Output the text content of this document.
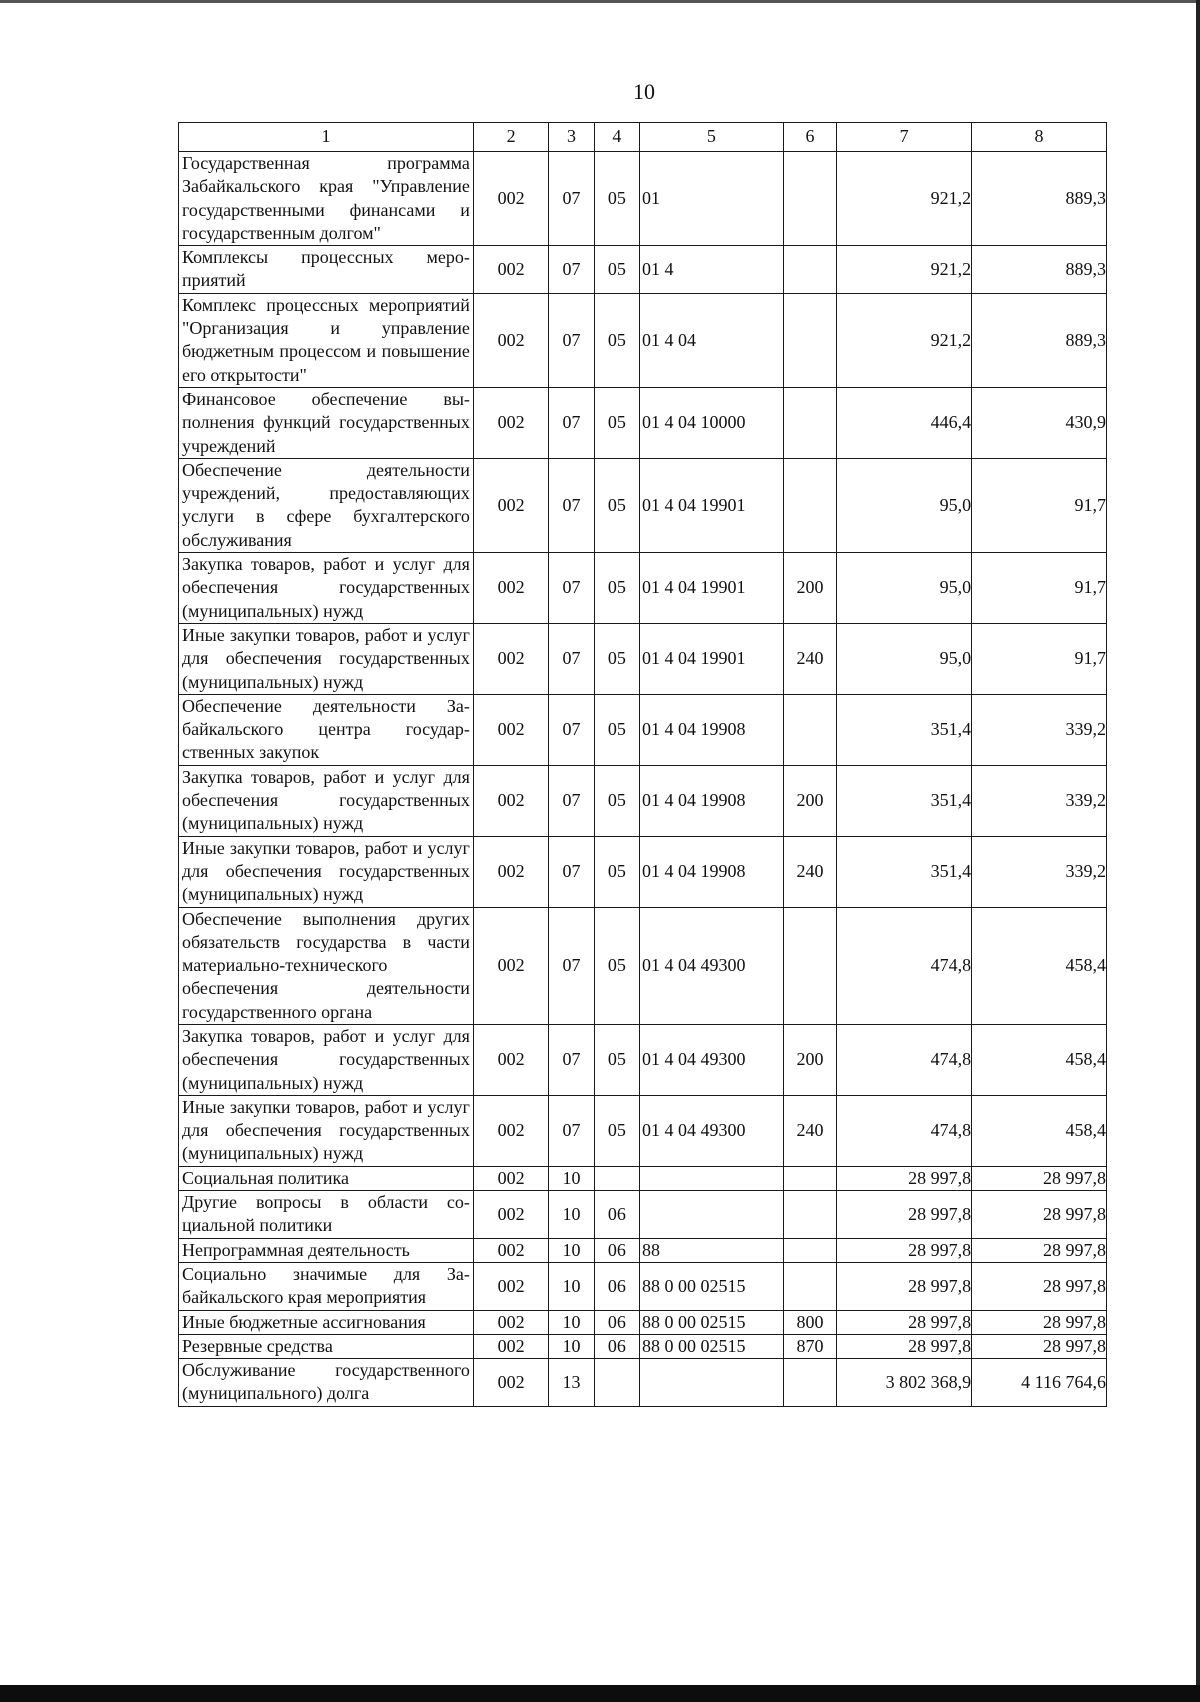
10
1	2	3	4	5	6	7	8
Государственная программа Забайкальского края "Управление государственными финансами и государственным долгом"	002	07	05	01		921,2	889,3
Комплексы процессных мероприятий	002	07	05	01 4		921,2	889,3
Комплекс процессных мероприятий "Организация и управление бюджетным процессом и повышение его открытости"	002	07	05	01 4 04		921,2	889,3
Финансовое обеспечение выполнения функций государственных учреждений	002	07	05	01 4 04 10000		446,4	430,9
Обеспечение деятельности учреждений, предоставляющих услуги в сфере бухгалтерского обслуживания	002	07	05	01 4 04 19901		95,0	91,7
Закупка товаров, работ и услуг для обеспечения государственных (муниципальных) нужд	002	07	05	01 4 04 19901	200	95,0	91,7
Иные закупки товаров, работ и услуг для обеспечения государственных (муниципальных) нужд	002	07	05	01 4 04 19901	240	95,0	91,7
Обеспечение деятельности Забайкальского центра государственных закупок	002	07	05	01 4 04 19908		351,4	339,2
Закупка товаров, работ и услуг для обеспечения государственных (муниципальных) нужд	002	07	05	01 4 04 19908	200	351,4	339,2
Иные закупки товаров, работ и услуг для обеспечения государственных (муниципальных) нужд	002	07	05	01 4 04 19908	240	351,4	339,2
Обеспечение выполнения других обязательств государства в части материально-технического обеспечения деятельности государственного органа	002	07	05	01 4 04 49300		474,8	458,4
Закупка товаров, работ и услуг для обеспечения государственных (муниципальных) нужд	002	07	05	01 4 04 49300	200	474,8	458,4
Иные закупки товаров, работ и услуг для обеспечения государственных (муниципальных) нужд	002	07	05	01 4 04 49300	240	474,8	458,4
Социальная политика	002	10				28 997,8	28 997,8
Другие вопросы в области социальной политики	002	10	06			28 997,8	28 997,8
Непрограммная деятельность	002	10	06	88		28 997,8	28 997,8
Социально значимые для Забайкальского края мероприятия	002	10	06	88 0 00 02515		28 997,8	28 997,8
Иные бюджетные ассигнования	002	10	06	88 0 00 02515	800	28 997,8	28 997,8
Резервные средства	002	10	06	88 0 00 02515	870	28 997,8	28 997,8
Обслуживание государственного (муниципального) долга	002	13				3 802 368,9	4 116 764,6
